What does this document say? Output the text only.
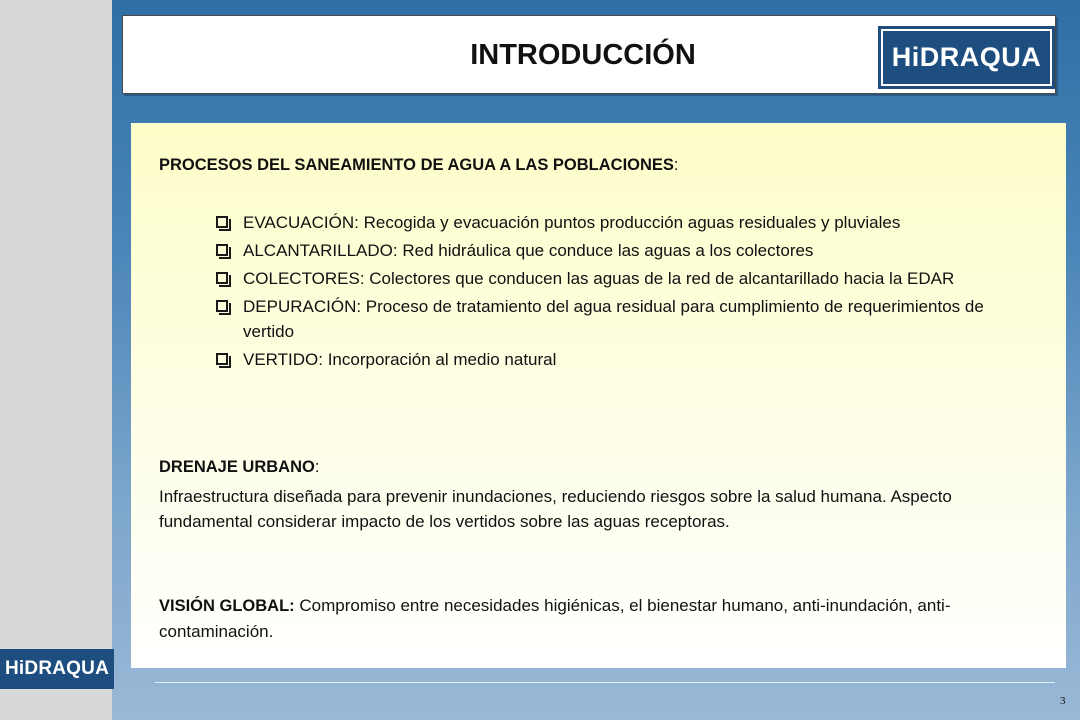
HiDRAQUA
INTRODUCCIÓN	HiDRAQUA
PROCESOS DEL SANEAMIENTO DE AGUA A LAS POBLACIONES:
EVACUACIÓN: Recogida y evacuación puntos producción aguas residuales y pluviales
ALCANTARILLADO: Red hidráulica que conduce las aguas a los colectores
COLECTORES: Colectores que conducen las aguas de la red de alcantarillado hacia la EDAR
DEPURACIÓN: Proceso de tratamiento del agua residual para cumplimiento de requerimientos de vertido
VERTIDO: Incorporación al medio natural
DRENAJE URBANO:
Infraestructura diseñada para prevenir inundaciones, reduciendo riesgos sobre la salud humana. Aspecto fundamental considerar impacto de los vertidos sobre las aguas receptoras.
VISIÓN GLOBAL: Compromiso entre necesidades higiénicas, el bienestar humano, anti-inundación, anti-contaminación.
3
